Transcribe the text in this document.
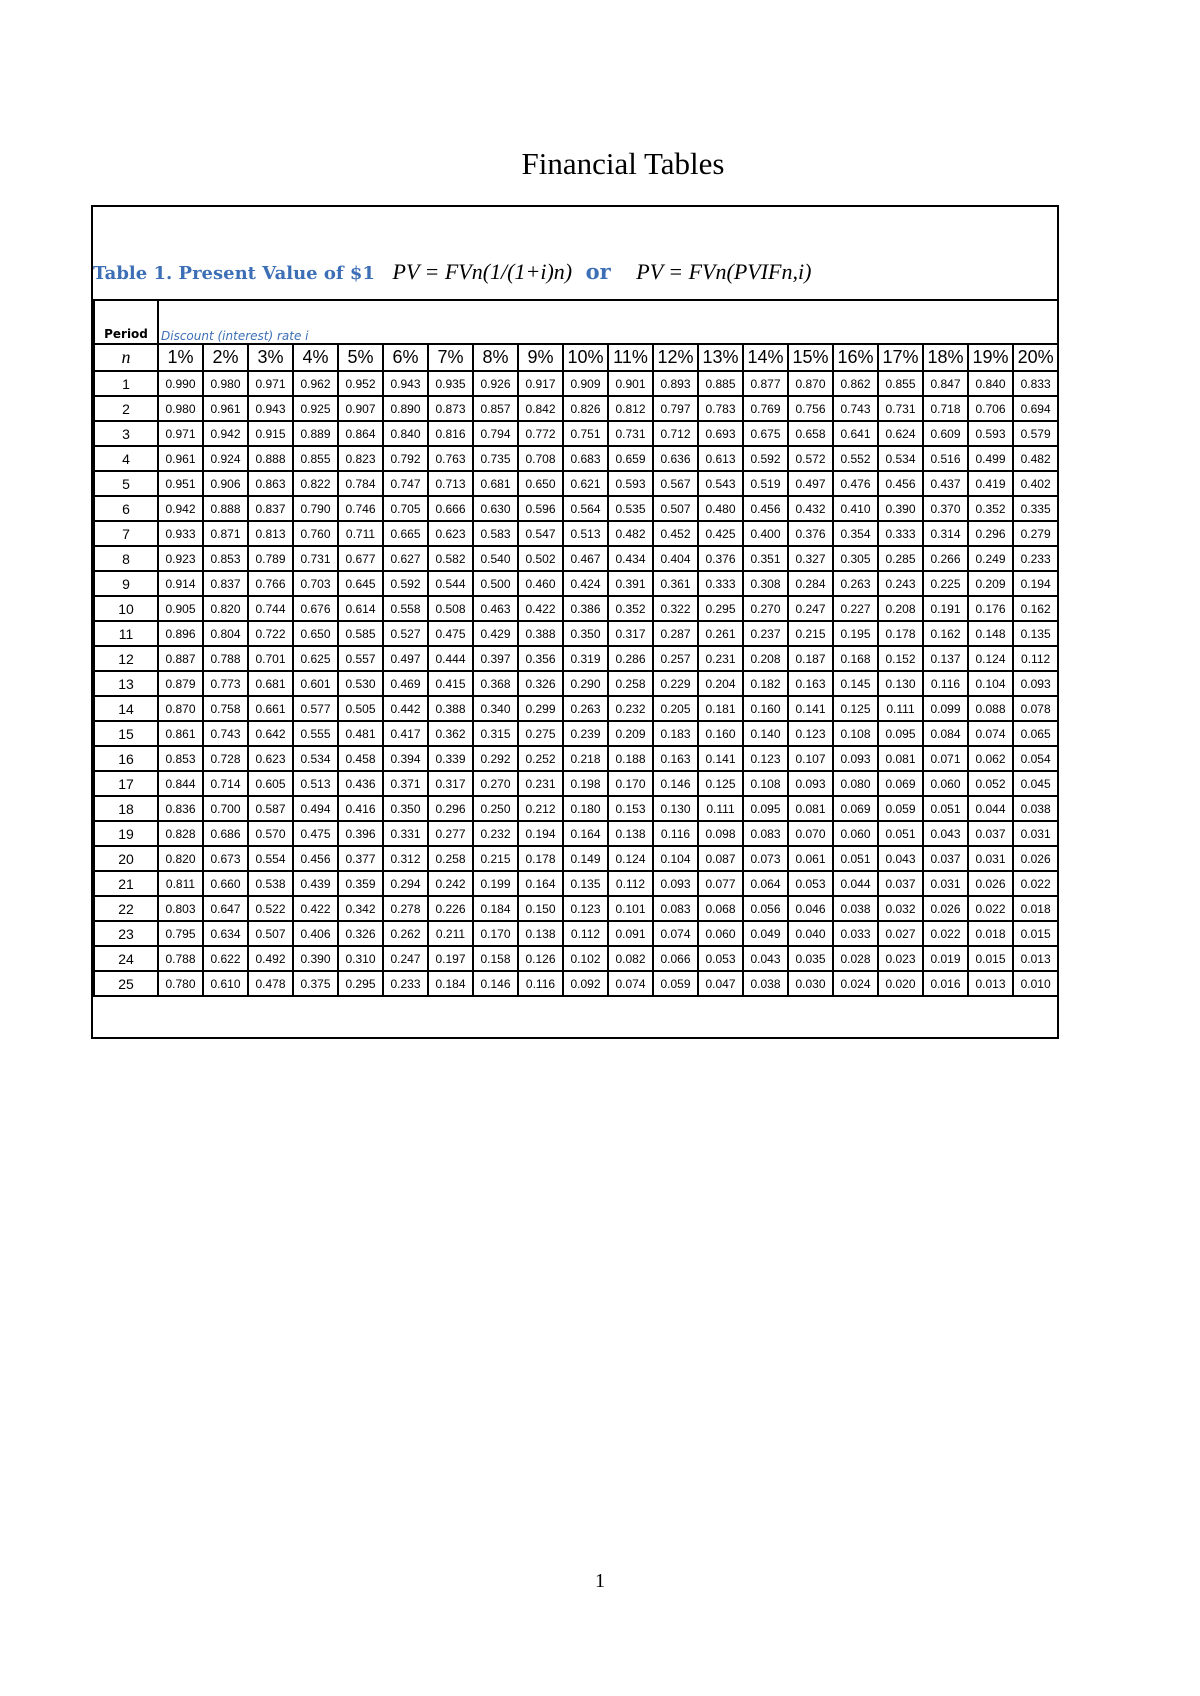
Financial Tables
Table 1. Present Value of $1 PV = FVn(1/(1+i)n) or PV = FVn(PVIFn,i)
Period	Discount (interest) rate i																			
n	1%	2%	3%	4%	5%	6%	7%	8%	9%	10%	11%	12%	13%	14%	15%	16%	17%	18%	19%	20%
1	0.990	0.980	0.971	0.962	0.952	0.943	0.935	0.926	0.917	0.909	0.901	0.893	0.885	0.877	0.870	0.862	0.855	0.847	0.840	0.833
2	0.980	0.961	0.943	0.925	0.907	0.890	0.873	0.857	0.842	0.826	0.812	0.797	0.783	0.769	0.756	0.743	0.731	0.718	0.706	0.694
3	0.971	0.942	0.915	0.889	0.864	0.840	0.816	0.794	0.772	0.751	0.731	0.712	0.693	0.675	0.658	0.641	0.624	0.609	0.593	0.579
4	0.961	0.924	0.888	0.855	0.823	0.792	0.763	0.735	0.708	0.683	0.659	0.636	0.613	0.592	0.572	0.552	0.534	0.516	0.499	0.482
5	0.951	0.906	0.863	0.822	0.784	0.747	0.713	0.681	0.650	0.621	0.593	0.567	0.543	0.519	0.497	0.476	0.456	0.437	0.419	0.402
6	0.942	0.888	0.837	0.790	0.746	0.705	0.666	0.630	0.596	0.564	0.535	0.507	0.480	0.456	0.432	0.410	0.390	0.370	0.352	0.335
7	0.933	0.871	0.813	0.760	0.711	0.665	0.623	0.583	0.547	0.513	0.482	0.452	0.425	0.400	0.376	0.354	0.333	0.314	0.296	0.279
8	0.923	0.853	0.789	0.731	0.677	0.627	0.582	0.540	0.502	0.467	0.434	0.404	0.376	0.351	0.327	0.305	0.285	0.266	0.249	0.233
9	0.914	0.837	0.766	0.703	0.645	0.592	0.544	0.500	0.460	0.424	0.391	0.361	0.333	0.308	0.284	0.263	0.243	0.225	0.209	0.194
10	0.905	0.820	0.744	0.676	0.614	0.558	0.508	0.463	0.422	0.386	0.352	0.322	0.295	0.270	0.247	0.227	0.208	0.191	0.176	0.162
11	0.896	0.804	0.722	0.650	0.585	0.527	0.475	0.429	0.388	0.350	0.317	0.287	0.261	0.237	0.215	0.195	0.178	0.162	0.148	0.135
12	0.887	0.788	0.701	0.625	0.557	0.497	0.444	0.397	0.356	0.319	0.286	0.257	0.231	0.208	0.187	0.168	0.152	0.137	0.124	0.112
13	0.879	0.773	0.681	0.601	0.530	0.469	0.415	0.368	0.326	0.290	0.258	0.229	0.204	0.182	0.163	0.145	0.130	0.116	0.104	0.093
14	0.870	0.758	0.661	0.577	0.505	0.442	0.388	0.340	0.299	0.263	0.232	0.205	0.181	0.160	0.141	0.125	0.111	0.099	0.088	0.078
15	0.861	0.743	0.642	0.555	0.481	0.417	0.362	0.315	0.275	0.239	0.209	0.183	0.160	0.140	0.123	0.108	0.095	0.084	0.074	0.065
16	0.853	0.728	0.623	0.534	0.458	0.394	0.339	0.292	0.252	0.218	0.188	0.163	0.141	0.123	0.107	0.093	0.081	0.071	0.062	0.054
17	0.844	0.714	0.605	0.513	0.436	0.371	0.317	0.270	0.231	0.198	0.170	0.146	0.125	0.108	0.093	0.080	0.069	0.060	0.052	0.045
18	0.836	0.700	0.587	0.494	0.416	0.350	0.296	0.250	0.212	0.180	0.153	0.130	0.111	0.095	0.081	0.069	0.059	0.051	0.044	0.038
19	0.828	0.686	0.570	0.475	0.396	0.331	0.277	0.232	0.194	0.164	0.138	0.116	0.098	0.083	0.070	0.060	0.051	0.043	0.037	0.031
20	0.820	0.673	0.554	0.456	0.377	0.312	0.258	0.215	0.178	0.149	0.124	0.104	0.087	0.073	0.061	0.051	0.043	0.037	0.031	0.026
21	0.811	0.660	0.538	0.439	0.359	0.294	0.242	0.199	0.164	0.135	0.112	0.093	0.077	0.064	0.053	0.044	0.037	0.031	0.026	0.022
22	0.803	0.647	0.522	0.422	0.342	0.278	0.226	0.184	0.150	0.123	0.101	0.083	0.068	0.056	0.046	0.038	0.032	0.026	0.022	0.018
23	0.795	0.634	0.507	0.406	0.326	0.262	0.211	0.170	0.138	0.112	0.091	0.074	0.060	0.049	0.040	0.033	0.027	0.022	0.018	0.015
24	0.788	0.622	0.492	0.390	0.310	0.247	0.197	0.158	0.126	0.102	0.082	0.066	0.053	0.043	0.035	0.028	0.023	0.019	0.015	0.013
25	0.780	0.610	0.478	0.375	0.295	0.233	0.184	0.146	0.116	0.092	0.074	0.059	0.047	0.038	0.030	0.024	0.020	0.016	0.013	0.010
1
